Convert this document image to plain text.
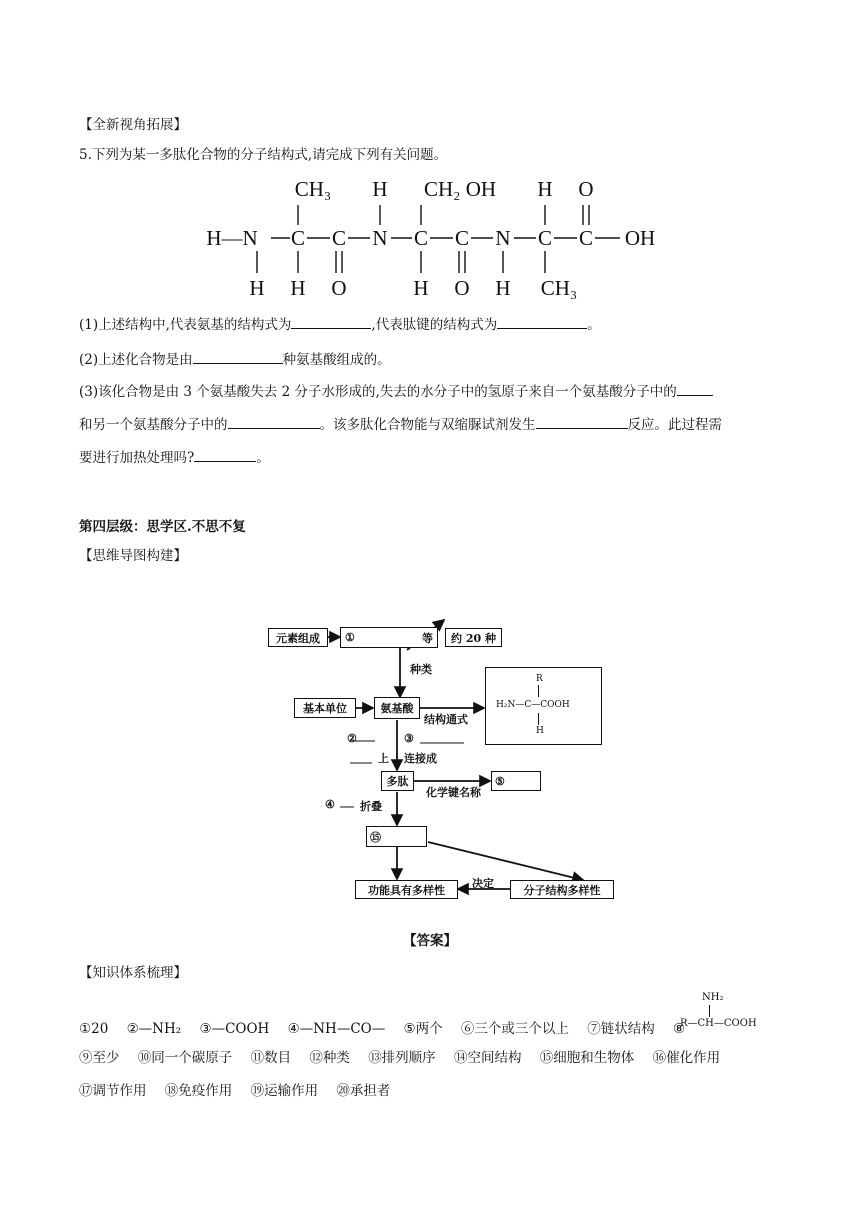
【全新视角拓展】
5.下列为某一多肽化合物的分子结构式,请完成下列有关问题。
CH₃ H CH₂ OH H O
H—N C C N C C N C C OH
H H O	H O H CH₃
(1)上述结构中,代表氨基的结构式为	,代表肽键的结构式为	。
(2)上述化合物是由	种氨基酸组成的。
(3)该化合物是由 3 个氨基酸失去 2 分子水形成的,失去的水分子中的氢原子来自一个氨基酸分子中的
和另一个氨基酸分子中的	。该多肽化合物能与双缩脲试剂发生	反应。此过程需
要进行加热处理吗?	。
第四层级：思学区.不思不复
【思维导图构建】
元素组成	①	等	约 20 种
种类
基本单位	氨基酸
结构通式
R
H₂N—C—COOH
H
②
上
③
连接成
多肽
化学键名称
⑤
④ 折叠
⑮
功能具有多样性	决定	分子结构多样性
【答案】
【知识体系梳理】
①20 ②—NH₂ ③—COOH ④—NH—CO— ⑤两个 ⑥三个或三个以上 ⑦链状结构 ⑧
NH₂
R—CH—COOH
⑨至少 ⑩同一个碳原子 ⑪数目 ⑫种类 ⑬排列顺序 ⑭空间结构 ⑮细胞和生物体 ⑯催化作用
⑰调节作用 ⑱免疫作用 ⑲运输作用 ⑳承担者
